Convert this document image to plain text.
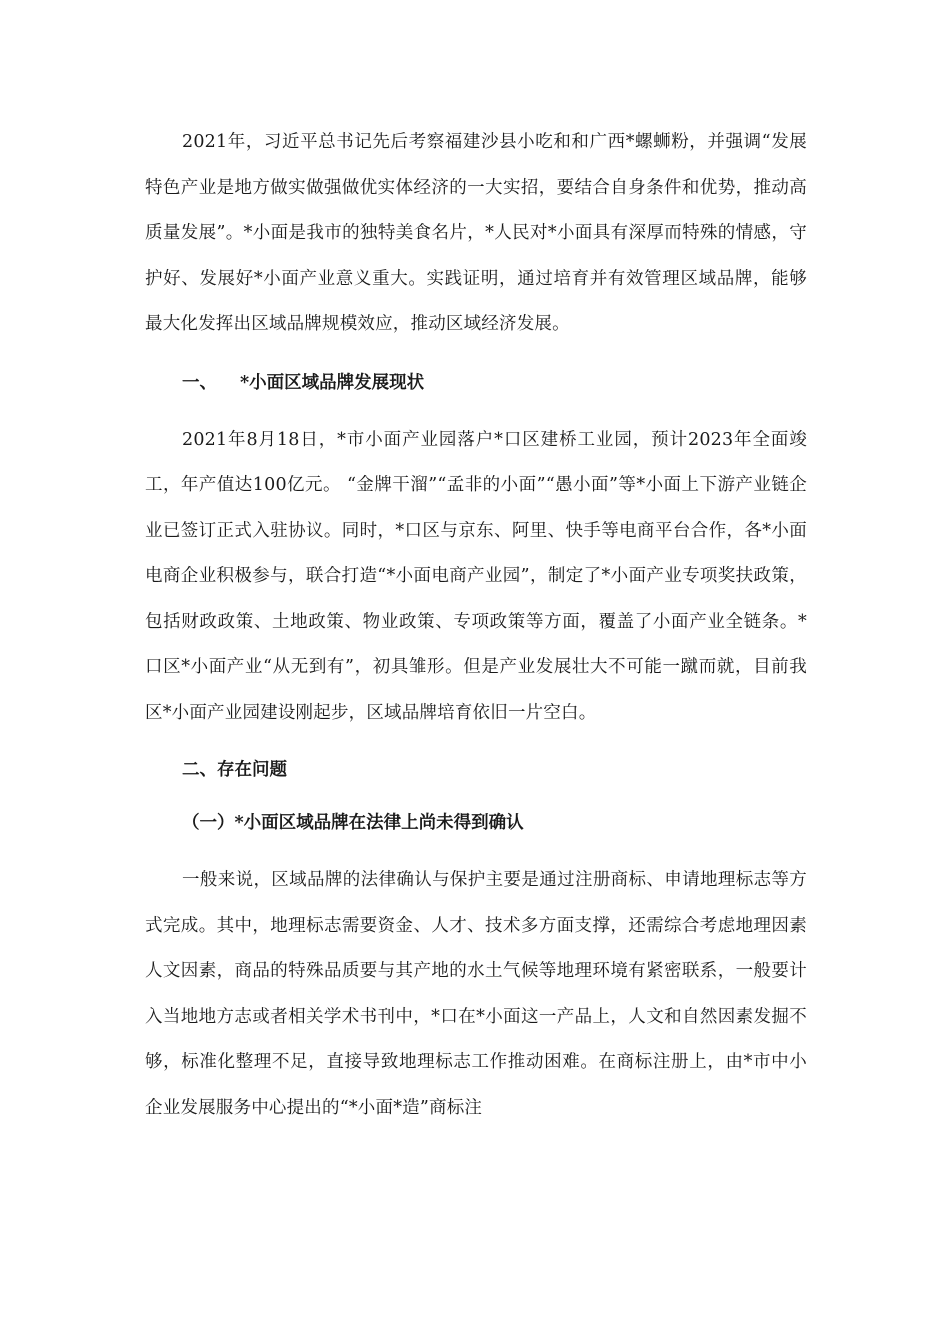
2021年，习近平总书记先后考察福建沙县小吃和和广西*螺蛳粉，并强调“发展特色产业是地方做实做强做优实体经济的一大实招，要结合自身条件和优势，推动高质量发展”。*小面是我市的独特美食名片，*人民对*小面具有深厚而特殊的情感，守护好、发展好*小面产业意义重大。实践证明，通过培育并有效管理区域品牌，能够最大化发挥出区域品牌规模效应，推动区域经济发展。

一、 *小面区域品牌发展现状

2021年8月18日，*市小面产业园落户*口区建桥工业园，预计2023年全面竣工，年产值达100亿元。 “金牌干溜”“孟非的小面”“愚小面”等*小面上下游产业链企业已签订正式入驻协议。同时，*口区与京东、阿里、快手等电商平台合作，各*小面电商企业积极参与，联合打造“*小面电商产业园”，制定了*小面产业专项奖扶政策，包括财政政策、土地政策、物业政策、专项政策等方面，覆盖了小面产业全链条。*口区*小面产业“从无到有”，初具雏形。但是产业发展壮大不可能一蹴而就，目前我区*小面产业园建设刚起步，区域品牌培育依旧一片空白。

二、存在问题

（一）*小面区域品牌在法律上尚未得到确认

一般来说，区域品牌的法律确认与保护主要是通过注册商标、申请地理标志等方式完成。其中，地理标志需要资金、人才、技术多方面支撑，还需综合考虑地理因素人文因素，商品的特殊品质要与其产地的水土气候等地理环境有紧密联系，一般要计入当地地方志或者相关学术书刊中，*口在*小面这一产品上，人文和自然因素发掘不够，标准化整理不足，直接导致地理标志工作推动困难。在商标注册上，由*市中小企业发展服务中心提出的“*小面*造”商标注
